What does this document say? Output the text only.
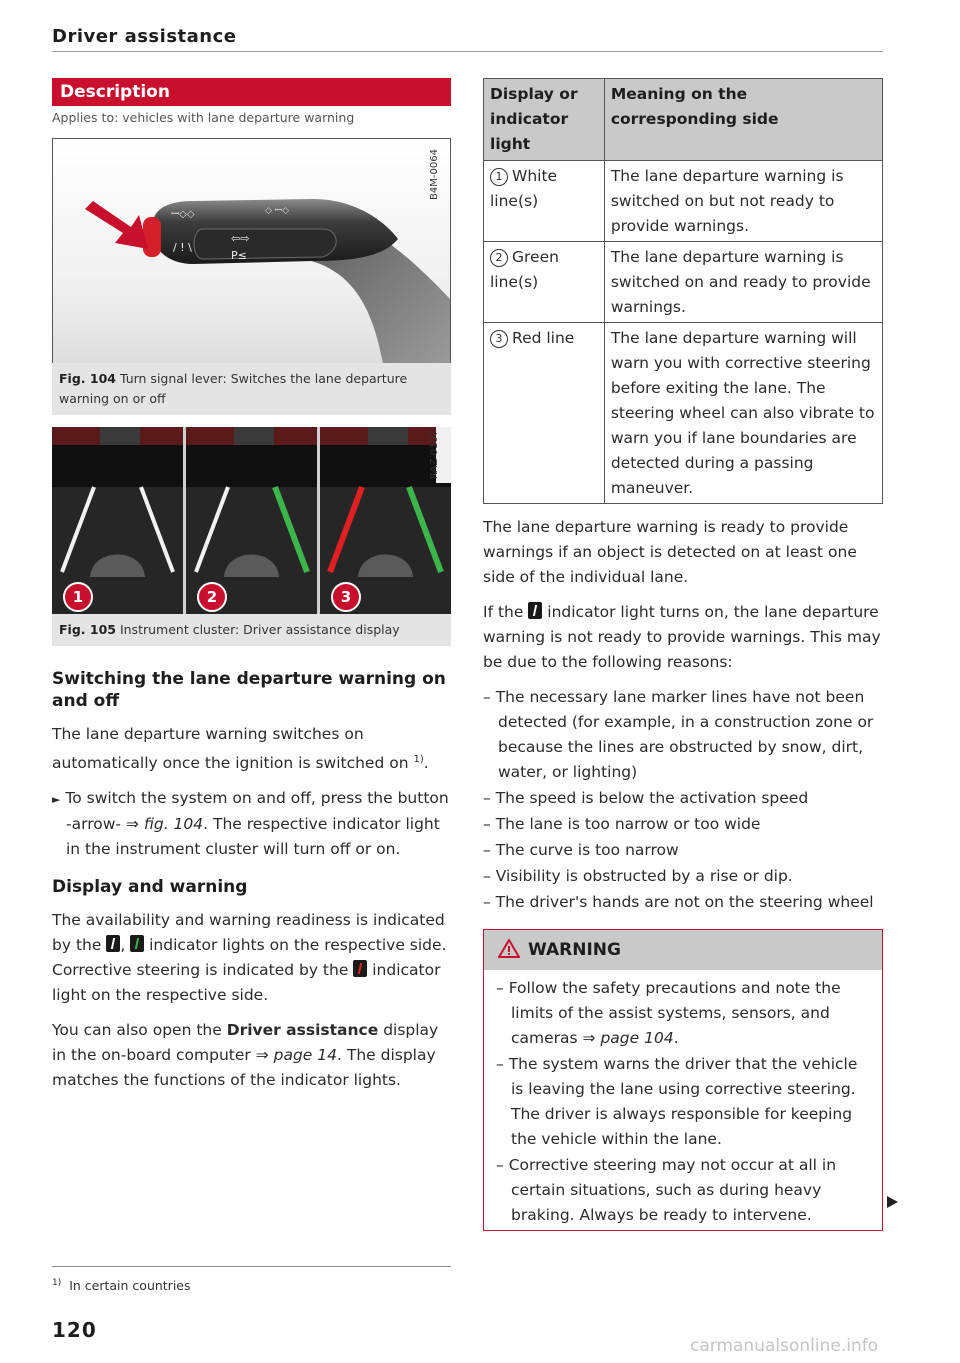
Driver assistance
Description
Applies to: vehicles with lane departure warning
ꟷ◇◇	◇ ꟷ◇
/ ! \
⇦⇨
P≤
B4M-0064
Fig. 104 Turn signal lever: Switches the lane departure warning on or off
1	2	3
RAZ-0107
Fig. 105 Instrument cluster: Driver assistance display
Switching the lane departure warning on and off

The lane departure warning switches on automatically once the ignition is switched on $^{1)}$.

► To switch the system on and off, press the button -arrow- ⇒ fig. 104. The respective indicator light in the instrument cluster will turn off or on.

Display and warning

The availability and warning readiness is indicated by the ,  indicator lights on the respective side. Corrective steering is indicated by the indicator light on the respective side.

You can also open the Driver assistance display in the on-board computer ⇒ page 14. The display matches the functions of the indicator lights.

Display or indicator light	Meaning on the corresponding side
1 White line(s)	The lane departure warning is switched on but not ready to provide warnings.
2 Green line(s)	The lane departure warning is switched on and ready to provide warnings.
3 Red line	The lane departure warning will warn you with corrective steering before exiting the lane. The steering wheel can also vibrate to warn you if lane boundaries are detected during a passing maneuver.

The lane departure warning is ready to provide warnings if an object is detected on at least one side of the individual lane.

If the indicator light turns on, the lane departure warning is not ready to provide warnings. This may be due to the following reasons:

– The necessary lane marker lines have not been detected (for example, in a construction zone or because the lines are obstructed by snow, dirt, water, or lighting)
– The speed is below the activation speed
– The lane is too narrow or too wide
– The curve is too narrow
– Visibility is obstructed by a rise or dip.
– The driver's hands are not on the steering wheel
WARNING

– Follow the safety precautions and note the limits of the assist systems, sensors, and cameras ⇒ page 104.

– The system warns the driver that the vehicle is leaving the lane using corrective steering. The driver is always responsible for keeping the vehicle within the lane.

– Corrective steering may not occur at all in certain situations, such as during heavy braking. Always be ready to intervene.

$^{1)}$ In certain countries
120
carmanualsonline.info
